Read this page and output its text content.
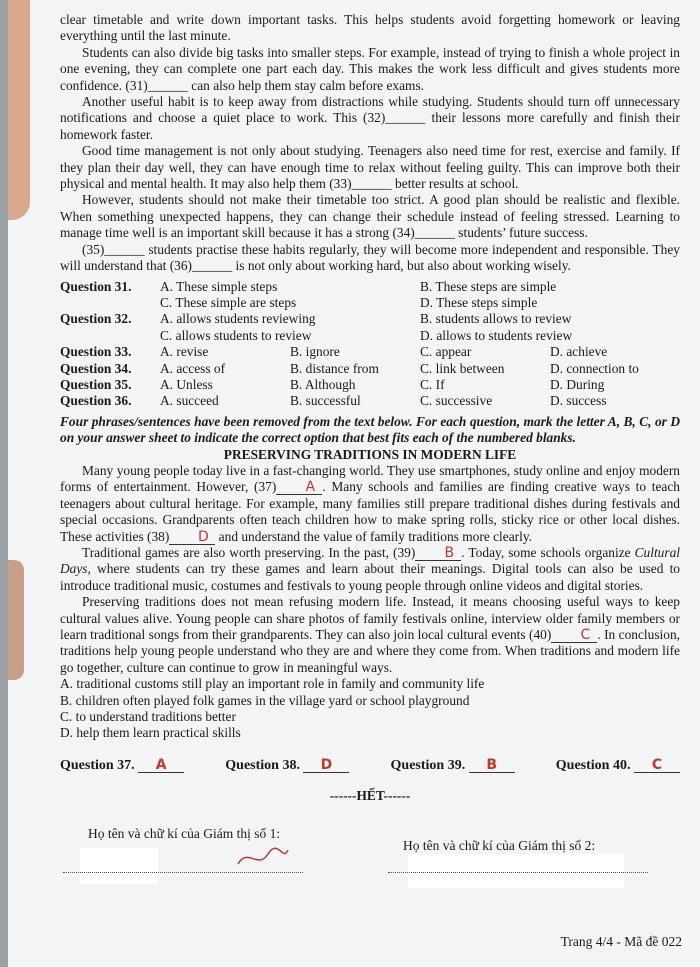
clear timetable and write down important tasks. This helps students avoid forgetting homework or leaving everything until the last minute.

Students can also divide big tasks into smaller steps. For example, instead of trying to finish a whole project in one evening, they can complete one part each day. This makes the work less difficult and gives students more confidence. (31)______ can also help them stay calm before exams.

Another useful habit is to keep away from distractions while studying. Students should turn off unnecessary notifications and choose a quiet place to work. This (32)______ their lessons more carefully and finish their homework faster.

Good time management is not only about studying. Teenagers also need time for rest, exercise and family. If they plan their day well, they can have enough time to relax without feeling guilty. This can improve both their physical and mental health. It may also help them (33)______ better results at school.

However, students should not make their timetable too strict. A good plan should be realistic and flexible. When something unexpected happens, they can change their schedule instead of feeling stressed. Learning to manage time well is an important skill because it has a strong (34)______ students’ future success.

(35)______ students practise these habits regularly, they will become more independent and responsible. They will understand that (36)______ is not only about working hard, but also about working wisely.

Question 31.	A. These simple steps	B. These steps are simple
C. These simple are steps	D. These steps simple
Question 32.	A. allows students reviewing	B. students allows to review
C. allows students to review	D. allows to students review
Question 33.	A. revise	B. ignore	C. appear	D. achieve
Question 34.	A. access of	B. distance from	C. link between	D. connection to
Question 35.	A. Unless	B. Although	C. If	D. During
Question 36.	A. succeed	B. successful	C. successive	D. success

Four phrases/sentences have been removed from the text below. For each question, mark the letter A, B, C, or D on your answer sheet to indicate the correct option that best fits each of the numbered blanks.

PRESERVING TRADITIONS IN MODERN LIFE

Many young people today live in a fast-changing world. They use smartphones, study online and enjoy modern forms of entertainment. However, (37) A . Many schools and families are finding creative ways to teach teenagers about cultural heritage. For example, many families still prepare traditional dishes during festivals and special occasions. Grandparents often teach children how to make spring rolls, sticky rice or other local dishes. These activities (38) D and understand the value of family traditions more clearly.

Traditional games are also worth preserving. In the past, (39) B . Today, some schools organize Cultural Days, where students can try these games and learn about their meanings. Digital tools can also be used to introduce traditional music, costumes and festivals to young people through online videos and digital stories.

Preserving traditions does not mean refusing modern life. Instead, it means choosing useful ways to keep cultural values alive. Young people can share photos of family festivals online, interview older family members or learn traditional songs from their grandparents. They can also join local cultural events (40) C . In conclusion, traditions help young people understand who they are and where they come from. When traditions and modern life go together, culture can continue to grow in meaningful ways.

A. traditional customs still play an important role in family and community life
B. children often played folk games in the village yard or school playground
C. to understand traditions better
D. help them learn practical skills
Question 37. A	Question 38. D	Question 39. B	Question 40. C
------HẾT------
Họ tên và chữ kí của Giám thị số 1:
Họ tên và chữ kí của Giám thị số 2:
Trang 4/4 - Mã đề 022
